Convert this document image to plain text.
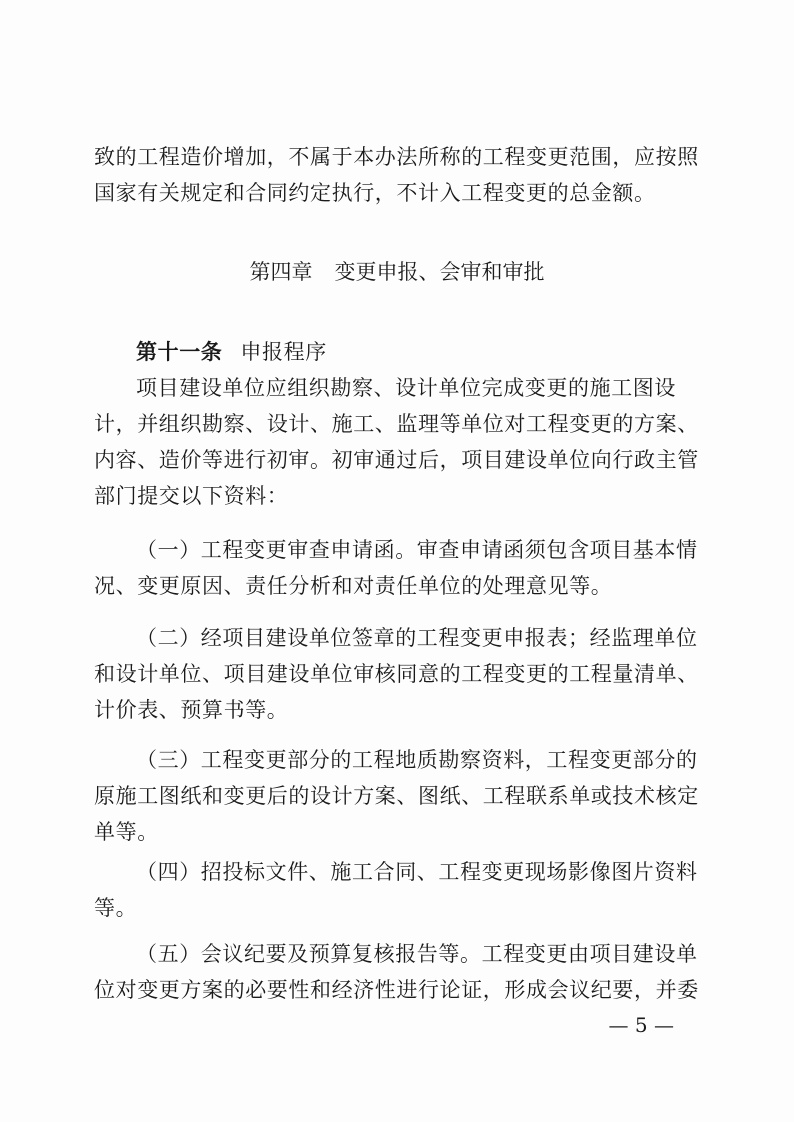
致的工程造价增加，不属于本办法所称的工程变更范围，应按照
国家有关规定和合同约定执行，不计入工程变更的总金额。
第四章 变更申报、会审和审批
第十一条 申报程序
项目建设单位应组织勘察、设计单位完成变更的施工图设
计，并组织勘察、设计、施工、监理等单位对工程变更的方案、
内容、造价等进行初审。初审通过后，项目建设单位向行政主管
部门提交以下资料：
（一）工程变更审查申请函。审查申请函须包含项目基本情
况、变更原因、责任分析和对责任单位的处理意见等。
（二）经项目建设单位签章的工程变更申报表；经监理单位
和设计单位、项目建设单位审核同意的工程变更的工程量清单、
计价表、预算书等。
（三）工程变更部分的工程地质勘察资料，工程变更部分的
原施工图纸和变更后的设计方案、图纸、工程联系单或技术核定
单等。
（四）招投标文件、施工合同、工程变更现场影像图片资料
等。
（五）会议纪要及预算复核报告等。工程变更由项目建设单
位对变更方案的必要性和经济性进行论证，形成会议纪要，并委
— 5 —
